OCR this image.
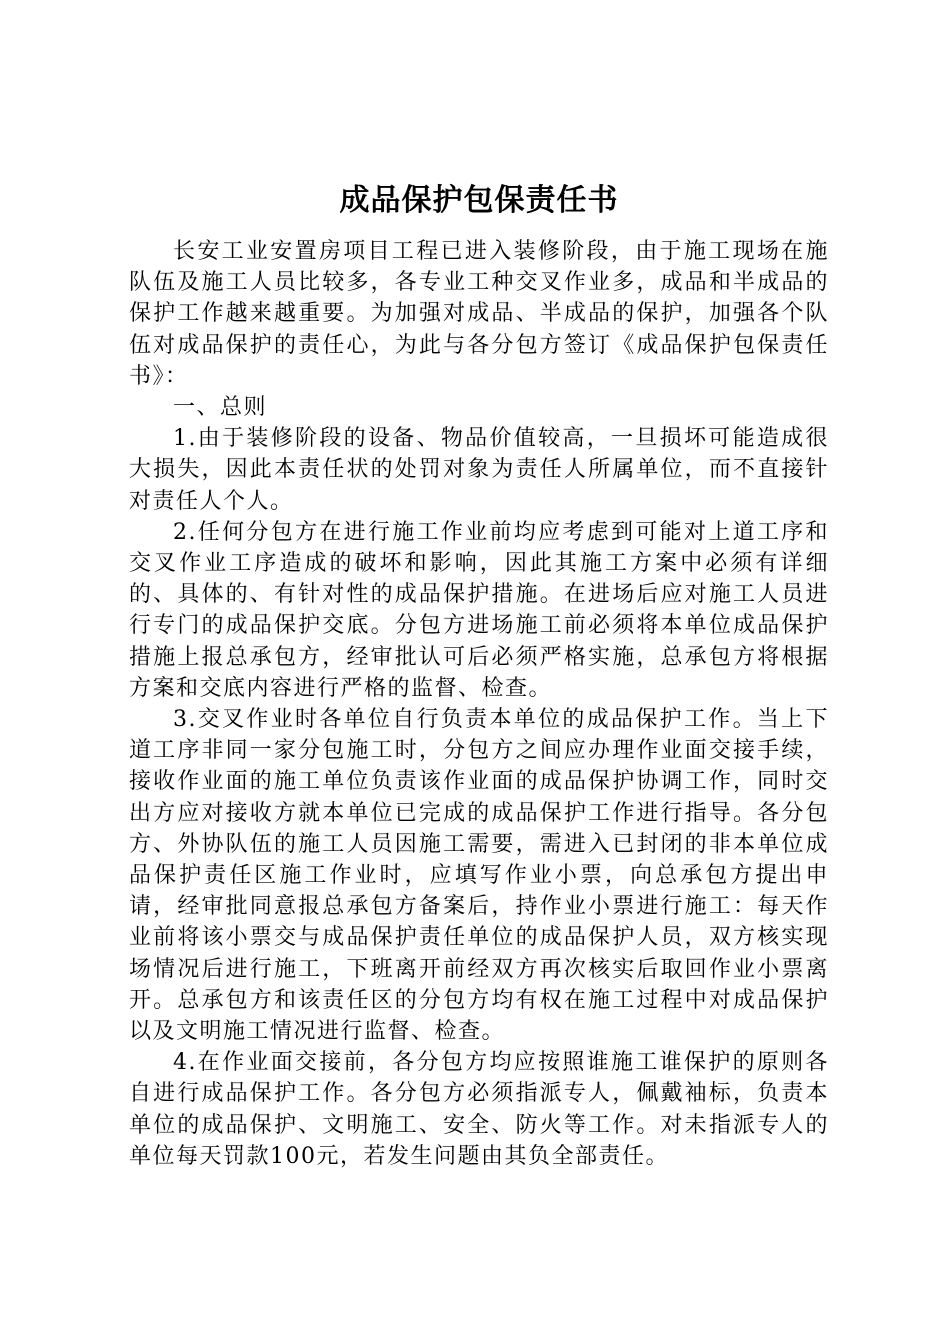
成品保护包保责任书

长安工业安置房项目工程已进入装修阶段，由于施工现场在施队伍及施工人员比较多，各专业工种交叉作业多，成品和半成品的保护工作越来越重要。为加强对成品、半成品的保护，加强各个队伍对成品保护的责任心，为此与各分包方签订《成品保护包保责任书》：

一、总则

1.由于装修阶段的设备、物品价值较高，一旦损坏可能造成很大损失，因此本责任状的处罚对象为责任人所属单位，而不直接针对责任人个人。

2.任何分包方在进行施工作业前均应考虑到可能对上道工序和交叉作业工序造成的破坏和影响，因此其施工方案中必须有详细的、具体的、有针对性的成品保护措施。在进场后应对施工人员进行专门的成品保护交底。分包方进场施工前必须将本单位成品保护措施上报总承包方，经审批认可后必须严格实施，总承包方将根据方案和交底内容进行严格的监督、检查。

3.交叉作业时各单位自行负责本单位的成品保护工作。当上下道工序非同一家分包施工时，分包方之间应办理作业面交接手续，接收作业面的施工单位负责该作业面的成品保护协调工作，同时交出方应对接收方就本单位已完成的成品保护工作进行指导。各分包方、外协队伍的施工人员因施工需要，需进入已封闭的非本单位成品保护责任区施工作业时，应填写作业小票，向总承包方提出申请，经审批同意报总承包方备案后，持作业小票进行施工：每天作业前将该小票交与成品保护责任单位的成品保护人员，双方核实现场情况后进行施工，下班离开前经双方再次核实后取回作业小票离开。总承包方和该责任区的分包方均有权在施工过程中对成品保护以及文明施工情况进行监督、检查。

4.在作业面交接前，各分包方均应按照谁施工谁保护的原则各自进行成品保护工作。各分包方必须指派专人，佩戴袖标，负责本单位的成品保护、文明施工、安全、防火等工作。对未指派专人的单位每天罚款100元，若发生问题由其负全部责任。
